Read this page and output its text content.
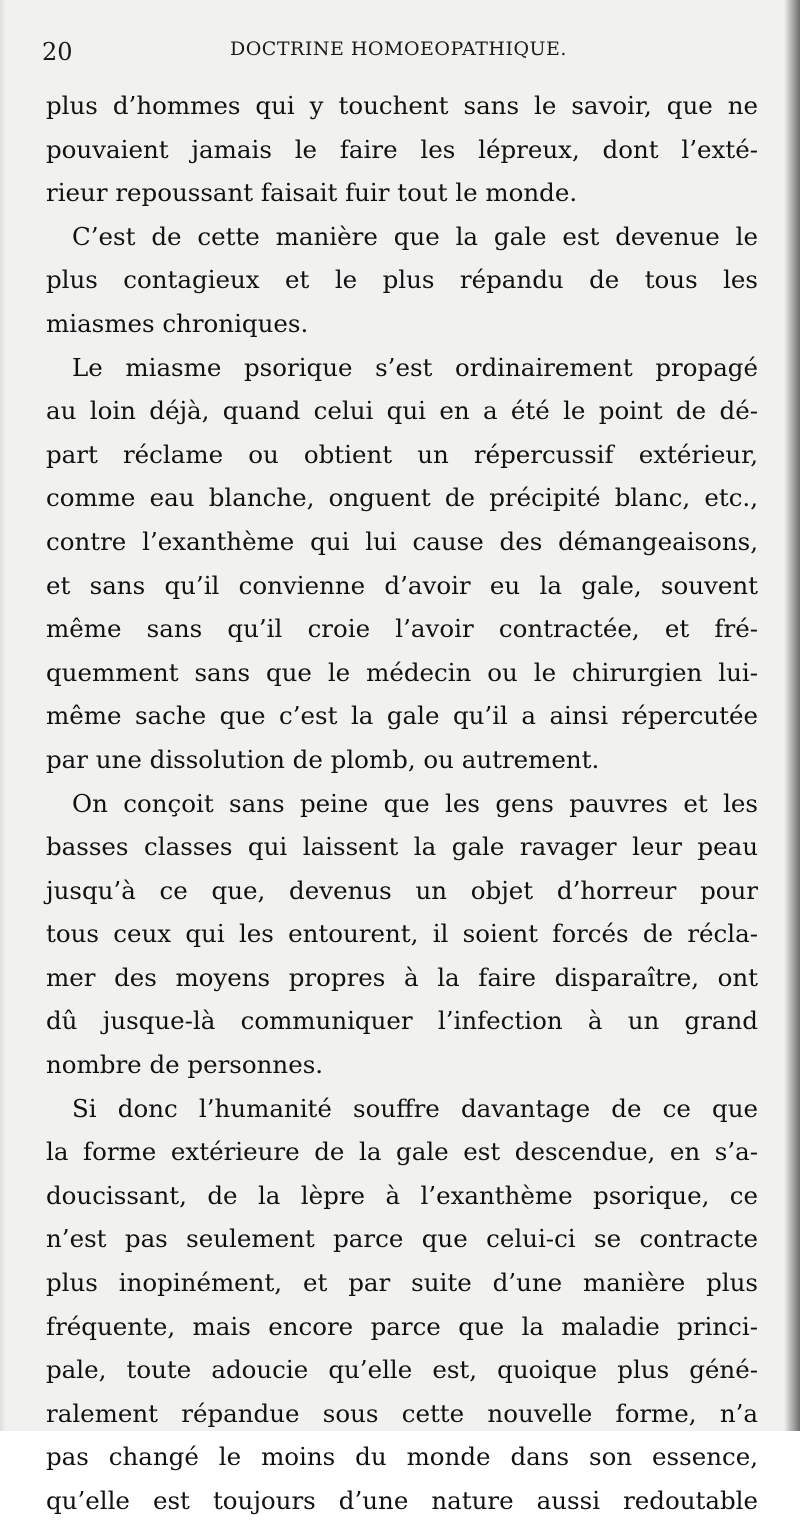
20	DOCTRINE HOMOEOPATHIQUE.
plus d’hommes qui y touchent sans le savoir, que ne
pouvaient jamais le faire les lépreux, dont l’exté-
rieur repoussant faisait fuir tout le monde.
C’est de cette manière que la gale est devenue le
plus contagieux et le plus répandu de tous les
miasmes chroniques.
Le miasme psorique s’est ordinairement propagé
au loin déjà, quand celui qui en a été le point de dé-
part réclame ou obtient un répercussif extérieur,
comme eau blanche, onguent de précipité blanc, etc.,
contre l’exanthème qui lui cause des démangeaisons,
et sans qu’il convienne d’avoir eu la gale, souvent
même sans qu’il croie l’avoir contractée, et fré-
quemment sans que le médecin ou le chirurgien lui-
même sache que c’est la gale qu’il a ainsi répercutée
par une dissolution de plomb, ou autrement.
On conçoit sans peine que les gens pauvres et les
basses classes qui laissent la gale ravager leur peau
jusqu’à ce que, devenus un objet d’horreur pour
tous ceux qui les entourent, il soient forcés de récla-
mer des moyens propres à la faire disparaître, ont
dû jusque-là communiquer l’infection à un grand
nombre de personnes.
Si donc l’humanité souffre davantage de ce que
la forme extérieure de la gale est descendue, en s’a-
doucissant, de la lèpre à l’exanthème psorique, ce
n’est pas seulement parce que celui-ci se contracte
plus inopinément, et par suite d’une manière plus
fréquente, mais encore parce que la maladie princi-
pale, toute adoucie qu’elle est, quoique plus géné-
ralement répandue sous cette nouvelle forme, n’a
pas changé le moins du monde dans son essence,
qu’elle est toujours d’une nature aussi redoutable
